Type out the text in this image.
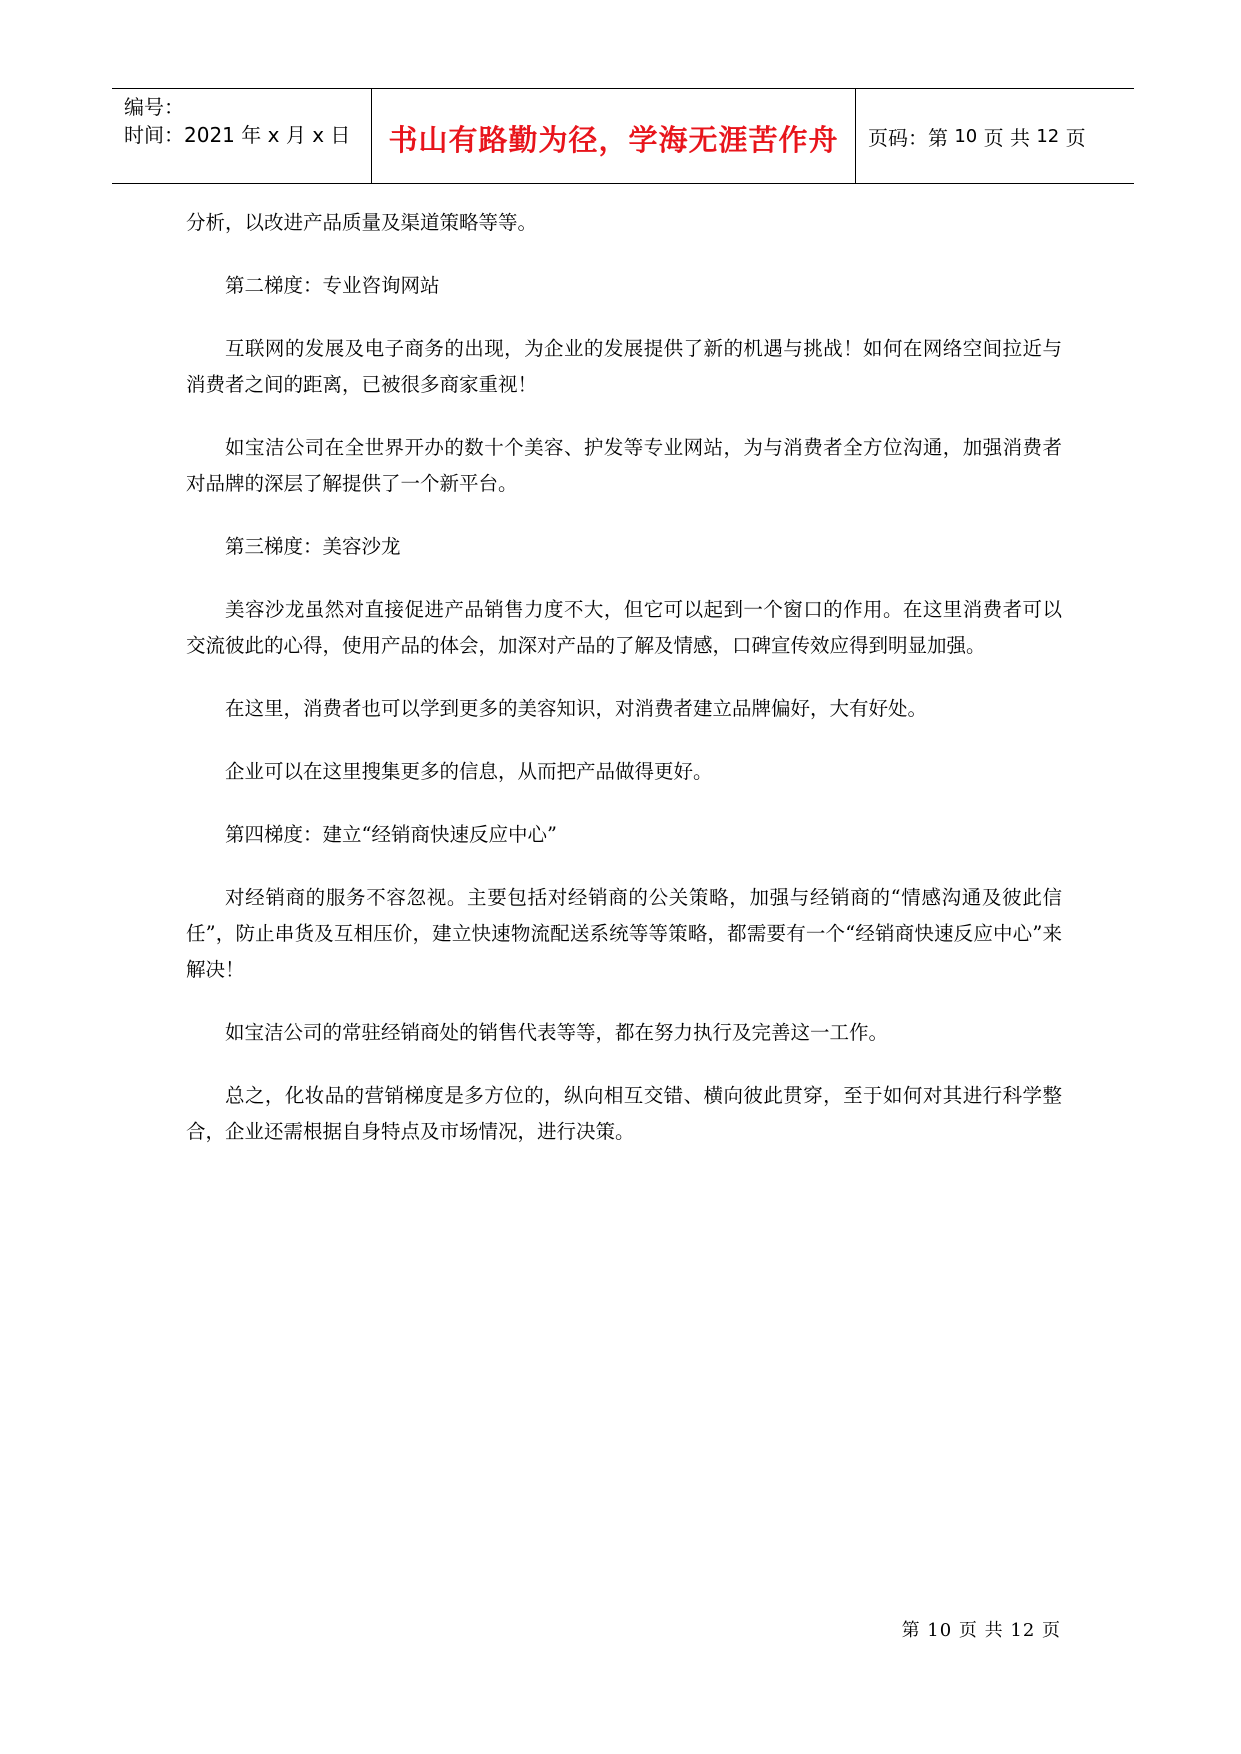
编号：
时间：2021 年 x 月 x 日	书山有路勤为径，学海无涯苦作舟	页码：第
10
页 共
12
页

分析，以改进产品质量及渠道策略等等。

第二梯度：专业咨询网站

互联网的发展及电子商务的出现，为企业的发展提供了新的机遇与挑战！如何在网络空间拉近与消费者之间的距离，已被很多商家重视！

如宝洁公司在全世界开办的数十个美容、护发等专业网站，为与消费者全方位沟通，加强消费者对品牌的深层了解提供了一个新平台。

第三梯度：美容沙龙

美容沙龙虽然对直接促进产品销售力度不大，但它可以起到一个窗口的作用。在这里消费者可以交流彼此的心得，使用产品的体会，加深对产品的了解及情感，口碑宣传效应得到明显加强。

在这里，消费者也可以学到更多的美容知识，对消费者建立品牌偏好，大有好处。

企业可以在这里搜集更多的信息，从而把产品做得更好。

第四梯度：建立“经销商快速反应中心”

对经销商的服务不容忽视。主要包括对经销商的公关策略，加强与经销商的“情感沟通及彼此信任”，防止串货及互相压价，建立快速物流配送系统等等策略，都需要有一个“经销商快速反应中心”来解决！

如宝洁公司的常驻经销商处的销售代表等等，都在努力执行及完善这一工作。

总之，化妆品的营销梯度是多方位的，纵向相互交错、横向彼此贯穿，至于如何对其进行科学整合，企业还需根据自身特点及市场情况，进行决策。

第 10 页 共 12 页
